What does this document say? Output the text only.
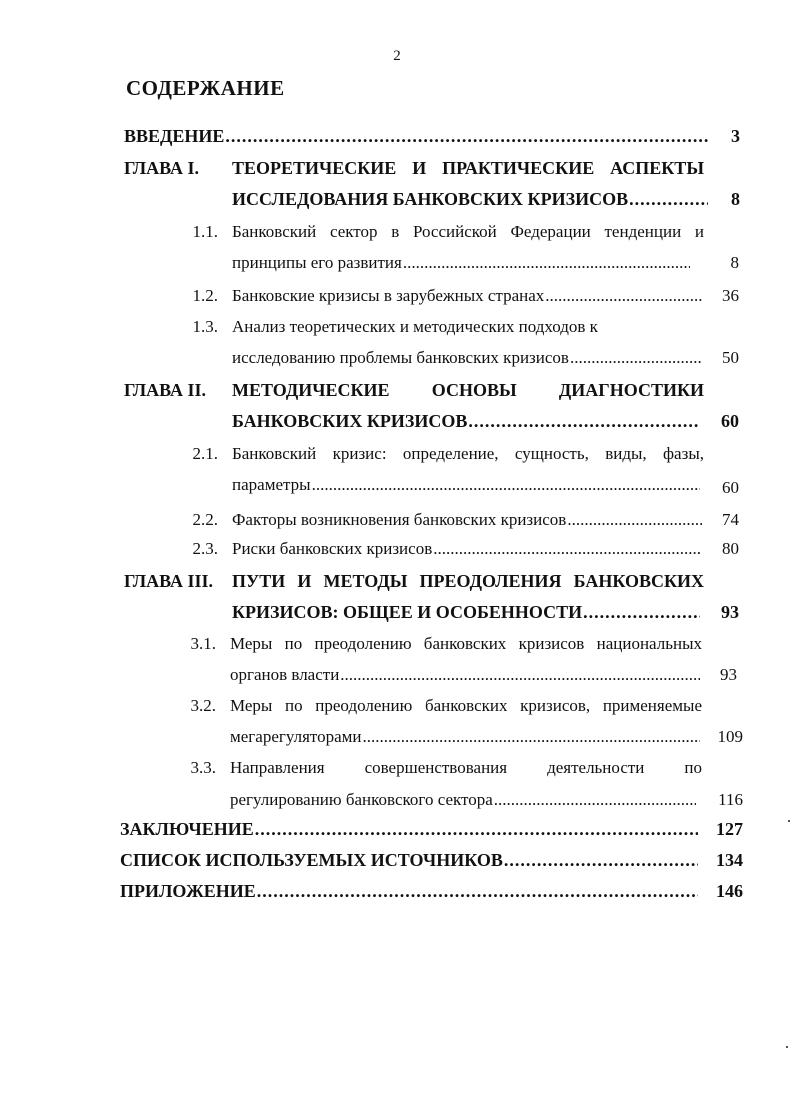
2
СОДЕРЖАНИЕ
ВВЕДЕНИЕ .....	3
ГЛАВА I. ТЕОРЕТИЧЕСКИЕ И ПРАКТИЧЕСКИЕ АСПЕКТЫ
ИССЛЕДОВАНИЯ БАНКОВСКИХ КРИЗИСОВ .....	8
1.1. Банковский сектор в Российской Федерации тенденции и
принципы его развития .....	8
1.2. Банковские кризисы в зарубежных странах .....	36
1.3. Анализ теоретических и методических подходов к
исследованию проблемы банковских кризисов .....	50
ГЛАВА II. МЕТОДИЧЕСКИЕ ОСНОВЫ ДИАГНОСТИКИ
БАНКОВСКИХ КРИЗИСОВ .....	60
2.1. Банковский кризис: определение, сущность, виды, фазы,
параметры .....	60
2.2. Факторы возникновения банковских кризисов .....	74
2.3. Риски банковских кризисов .....	80
ГЛАВА III. ПУТИ И МЕТОДЫ ПРЕОДОЛЕНИЯ БАНКОВСКИХ
КРИЗИСОВ: ОБЩЕЕ И ОСОБЕННОСТИ .....	93
3.1. Меры по преодолению банковских кризисов национальных
органов власти .....	93
3.2. Меры по преодолению банковских кризисов, применяемые
мегарегуляторами .....	109
3.3. Направления совершенствования деятельности по
регулированию банковского сектора .....	116
ЗАКЛЮЧЕНИЕ .....	127
СПИСОК ИСПОЛЬЗУЕМЫХ ИСТОЧНИКОВ .....	134
ПРИЛОЖЕНИЕ .....	146
